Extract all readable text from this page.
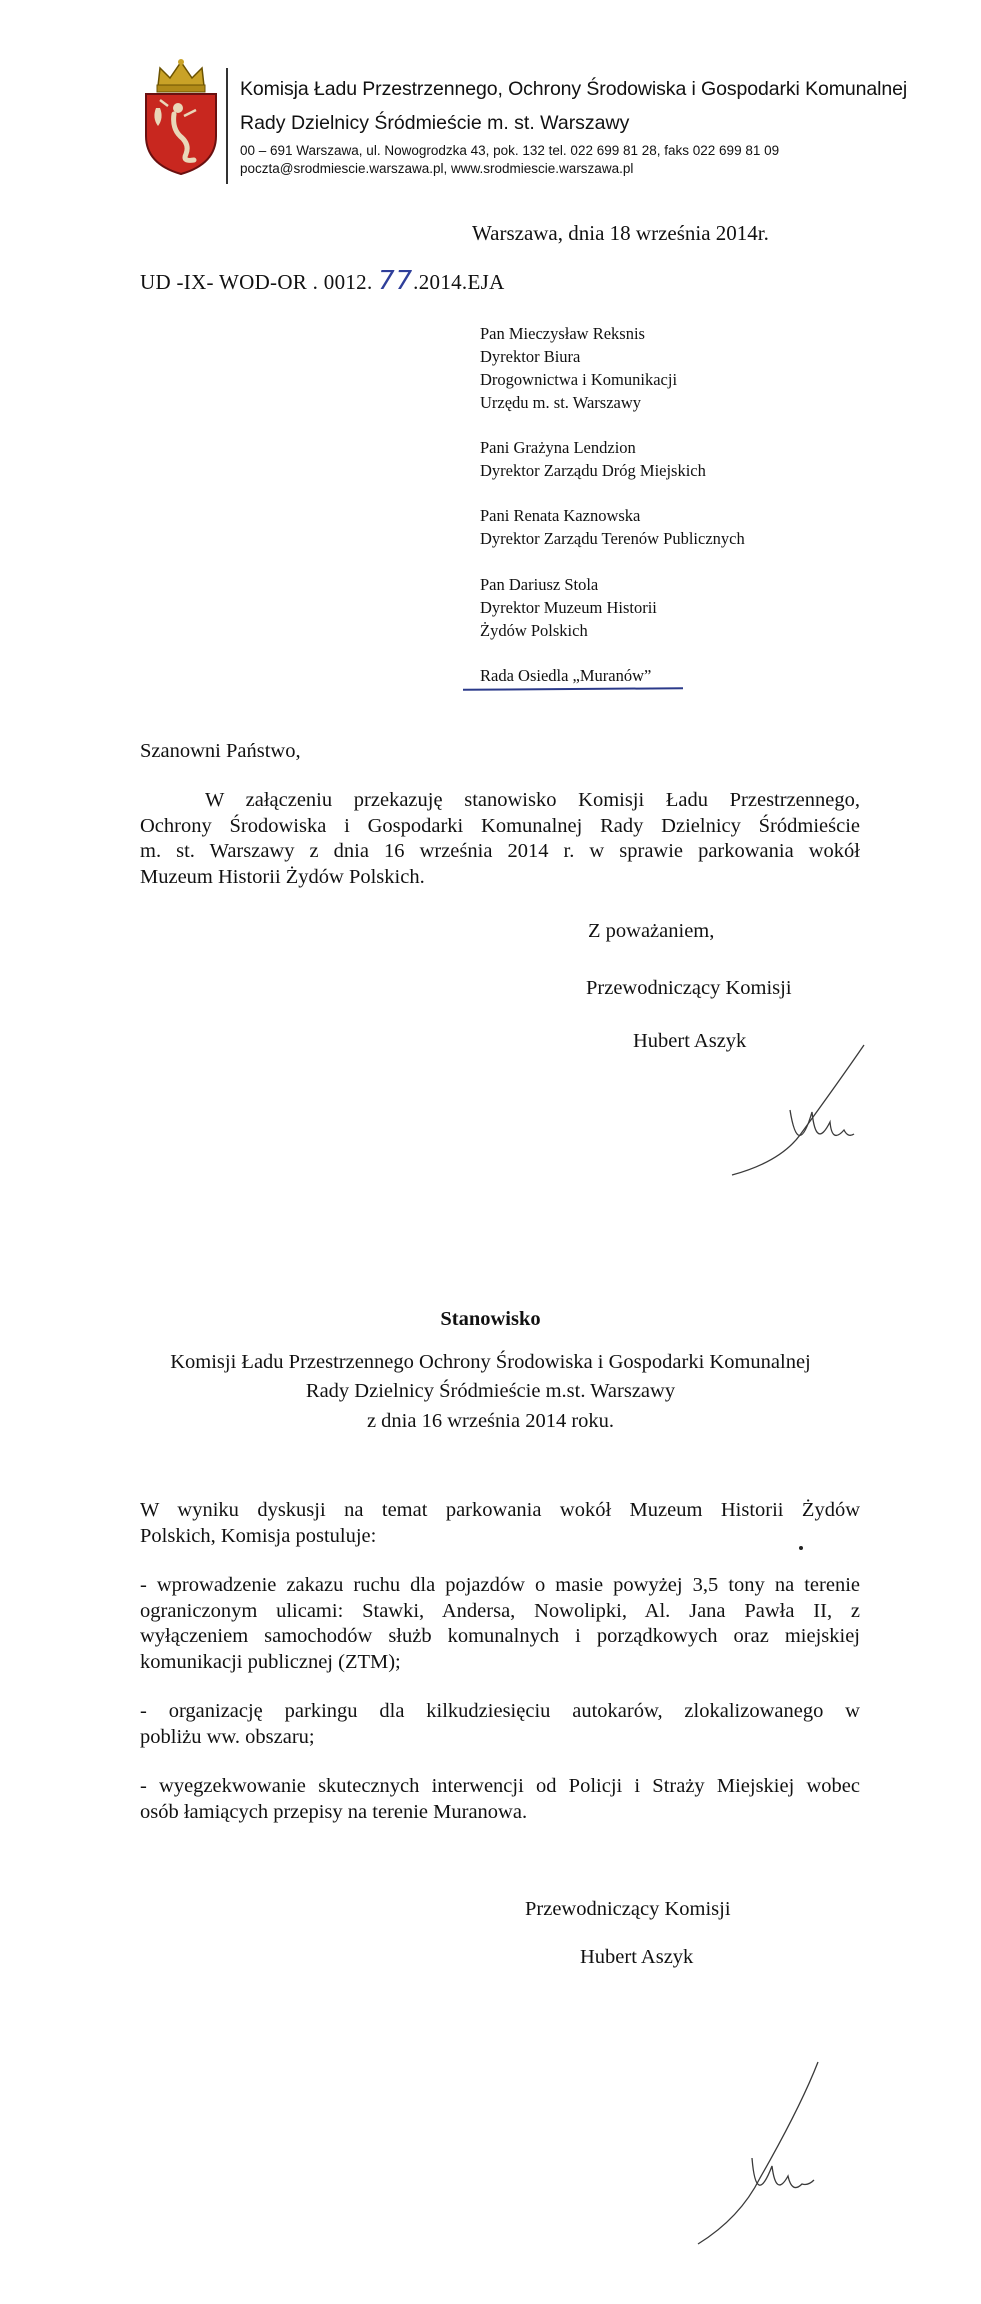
Komisja Ładu Przestrzennego, Ochrony Środowiska i Gospodarki Komunalnej
Rady Dzielnicy Śródmieście m. st. Warszawy
00 – 691 Warszawa, ul. Nowogrodzka 43, pok. 132 tel. 022 699 81 28, faks 022 699 81 09
poczta@srodmiescie.warszawa.pl, www.srodmiescie.warszawa.pl
Warszawa, dnia 18 września 2014r.
UD -IX- WOD-OR . 0012. 77.2014.EJA
Pan Mieczysław Reksnis
Dyrektor Biura
Drogownictwa i Komunikacji
Urzędu m. st. Warszawy
Pani Grażyna Lendzion
Dyrektor Zarządu Dróg Miejskich
Pani Renata Kaznowska
Dyrektor Zarządu Terenów Publicznych
Pan Dariusz Stola
Dyrektor Muzeum Historii
Żydów Polskich
Rada Osiedla „Muranów”
Szanowni Państwo,
W załączeniu przekazuję stanowisko Komisji Ładu Przestrzennego,
Ochrony Środowiska i Gospodarki Komunalnej Rady Dzielnicy Śródmieście
m. st. Warszawy z dnia 16 września 2014 r. w sprawie parkowania wokół
Muzeum Historii Żydów Polskich.
Z poważaniem,
Przewodniczący Komisji
Hubert Aszyk
Stanowisko
Komisji Ładu Przestrzennego Ochrony Środowiska i Gospodarki Komunalnej
Rady Dzielnicy Śródmieście m.st. Warszawy
z dnia 16 września 2014 roku.
W wyniku dyskusji na temat parkowania wokół Muzeum Historii Żydów
Polskich, Komisja postuluje:
- wprowadzenie zakazu ruchu dla pojazdów o masie powyżej 3,5 tony na terenie
ograniczonym ulicami: Stawki, Andersa, Nowolipki, Al. Jana Pawła II, z
wyłączeniem samochodów służb komunalnych i porządkowych oraz miejskiej
komunikacji publicznej (ZTM);
- organizację parkingu dla kilkudziesięciu autokarów, zlokalizowanego w
pobliżu ww. obszaru;
- wyegzekwowanie skutecznych interwencji od Policji i Straży Miejskiej wobec
osób łamiących przepisy na terenie Muranowa.
Przewodniczący Komisji
Hubert Aszyk
